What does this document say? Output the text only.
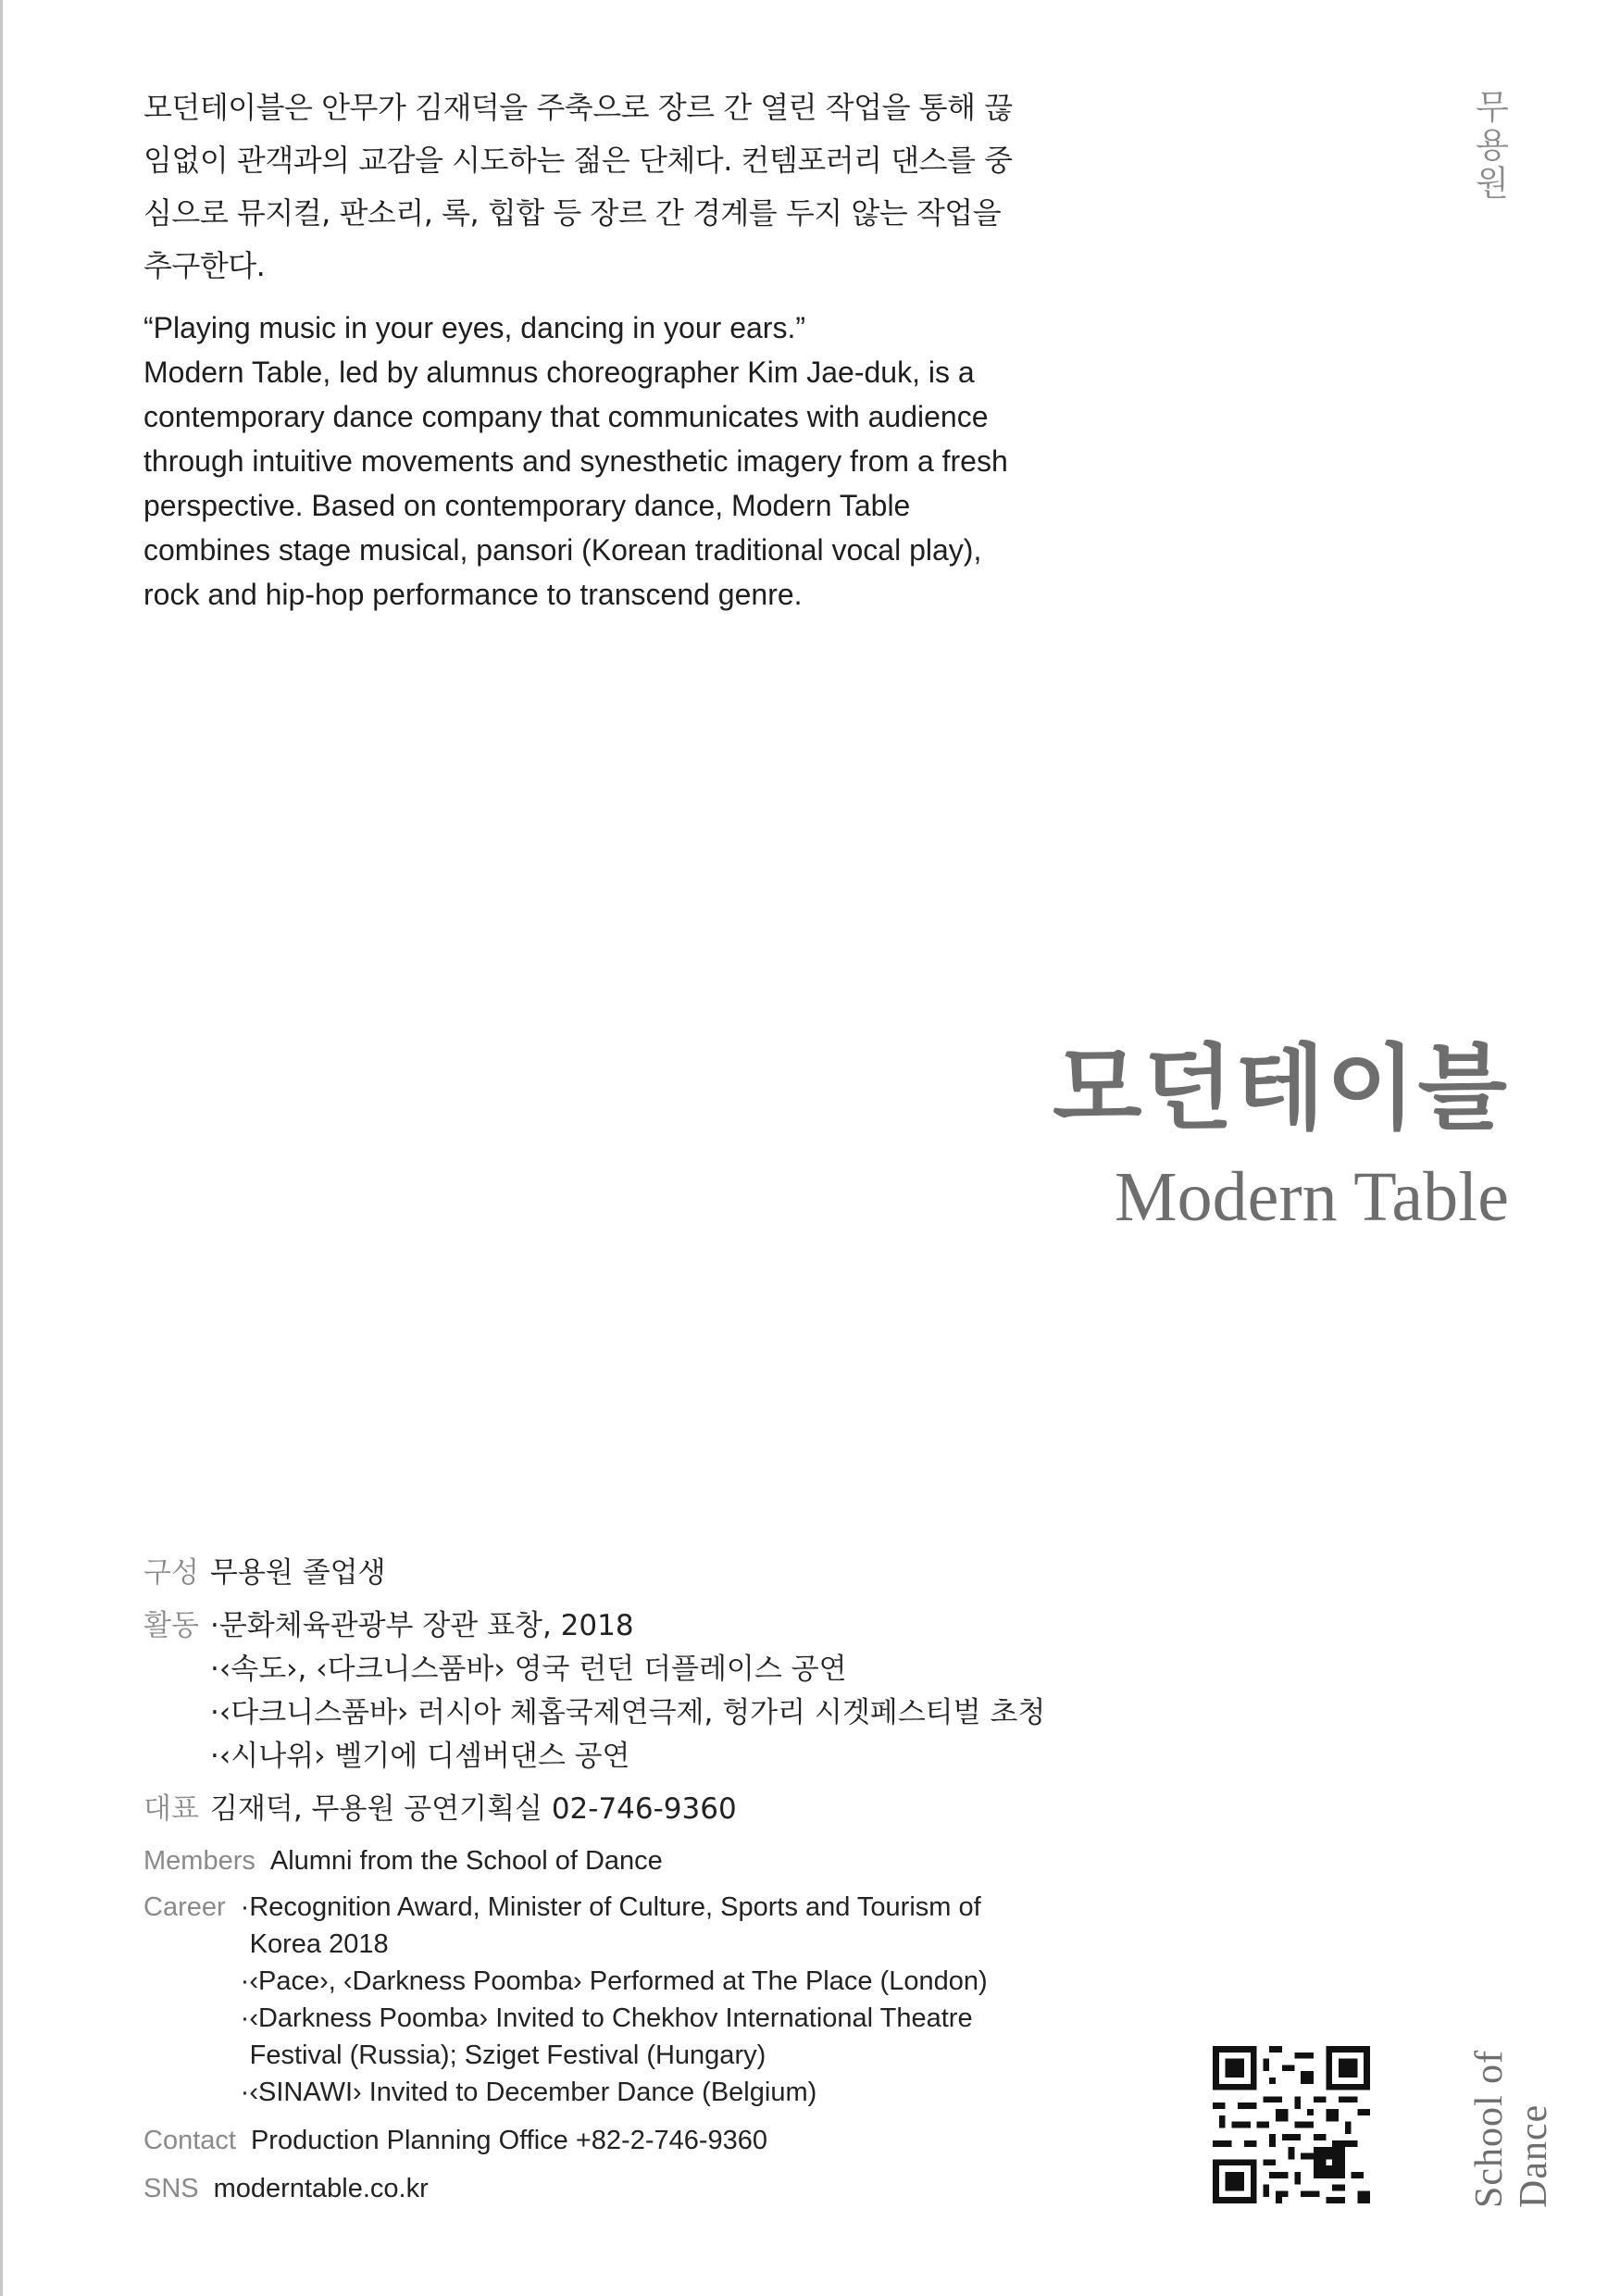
모던테이블은 안무가 김재덕을 주축으로 장르 간 열린 작업을 통해 끊임없이 관객과의 교감을 시도하는 젊은 단체다. 컨템포러리 댄스를 중심으로 뮤지컬, 판소리, 록, 힙합 등 장르 간 경계를 두지 않는 작업을 추구한다.

“Playing music in your eyes, dancing in your ears.”
Modern Table, led by alumnus choreographer Kim Jae-duk, is a contemporary dance company that communicates with audience through intuitive movements and synesthetic imagery from a fresh perspective. Based on contemporary dance, Modern Table combines stage musical, pansori (Korean traditional vocal play), rock and hip-hop performance to transcend genre.

무용원

모던테이블

Modern Table

구성 무용원 졸업생
활동 ·문화체육관광부 장관 표창, 2018
·‹속도›, ‹다크니스품바› 영국 런던 더플레이스 공연
·‹다크니스품바› 러시아 체홉국제연극제, 헝가리 시겟페스티벌 초청
·‹시나위› 벨기에 디셈버댄스 공연
대표 김재덕, 무용원 공연기획실 02-746-9360
Members Alumni from the School of Dance
Career ·Recognition Award, Minister of Culture, Sports and Tourism of
Korea 2018
·‹Pace›, ‹Darkness Poomba› Performed at The Place (London)
·‹Darkness Poomba› Invited to Chekhov International Theatre
Festival (Russia); Sziget Festival (Hungary)
·‹SINAWI› Invited to December Dance (Belgium)
Contact Production Planning Office +82-2-746-9360
SNS moderntable.co.kr	School of Dance
